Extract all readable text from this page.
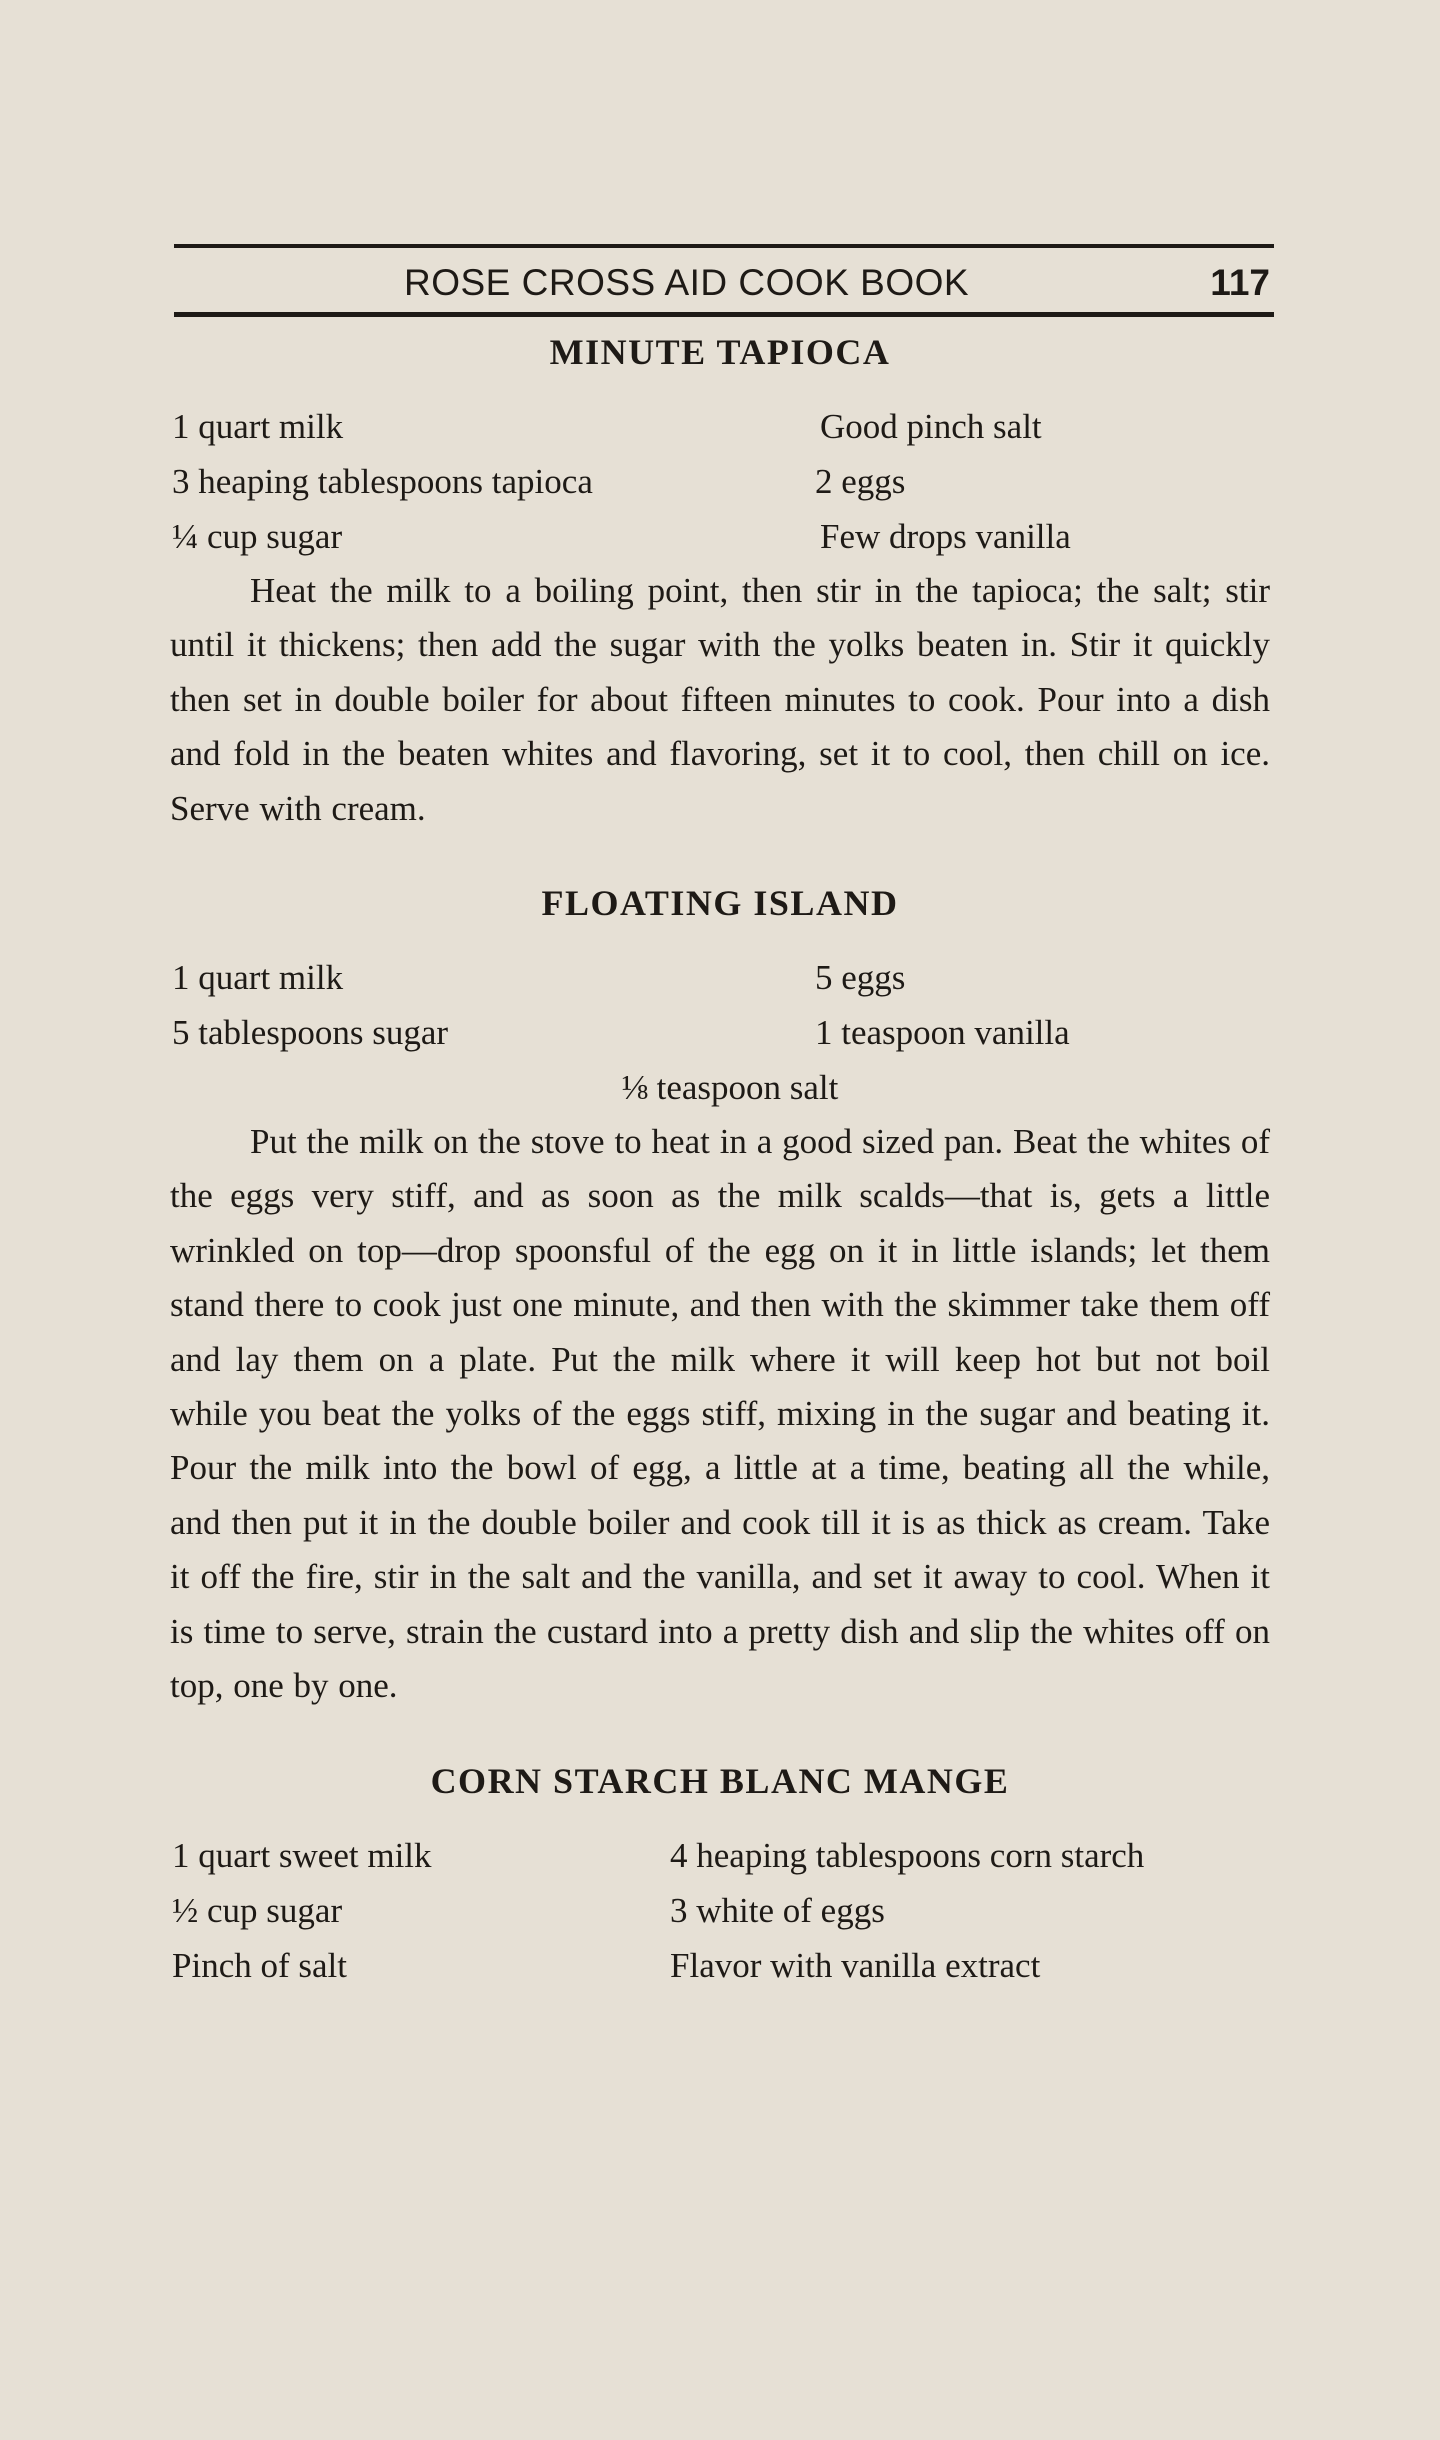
ROSE CROSS AID COOK BOOK	117
MINUTE TAPIOCA
1 quart milk	Good pinch salt
3 heaping tablespoons tapioca	2 eggs
¼ cup sugar	Few drops vanilla

Heat the milk to a boiling point, then stir in the tapioca; the salt; stir until it thickens; then add the sugar with the yolks beaten in. Stir it quickly then set in double boiler for about fifteen minutes to cook. Pour into a dish and fold in the beaten whites and flavoring, set it to cool, then chill on ice. Serve with cream.

FLOATING ISLAND
1 quart milk	5 eggs
5 tablespoons sugar	1 teaspoon vanilla
⅛ teaspoon salt

Put the milk on the stove to heat in a good sized pan. Beat the whites of the eggs very stiff, and as soon as the milk scalds—that is, gets a little wrinkled on top—drop spoonsful of the egg on it in little islands; let them stand there to cook just one minute, and then with the skimmer take them off and lay them on a plate. Put the milk where it will keep hot but not boil while you beat the yolks of the eggs stiff, mixing in the sugar and beating it. Pour the milk into the bowl of egg, a little at a time, beating all the while, and then put it in the double boiler and cook till it is as thick as cream. Take it off the fire, stir in the salt and the vanilla, and set it away to cool. When it is time to serve, strain the custard into a pretty dish and slip the whites off on top, one by one.

CORN STARCH BLANC MANGE
1 quart sweet milk	4 heaping tablespoons corn starch
½ cup sugar	3 white of eggs
Pinch of salt	Flavor with vanilla extract
